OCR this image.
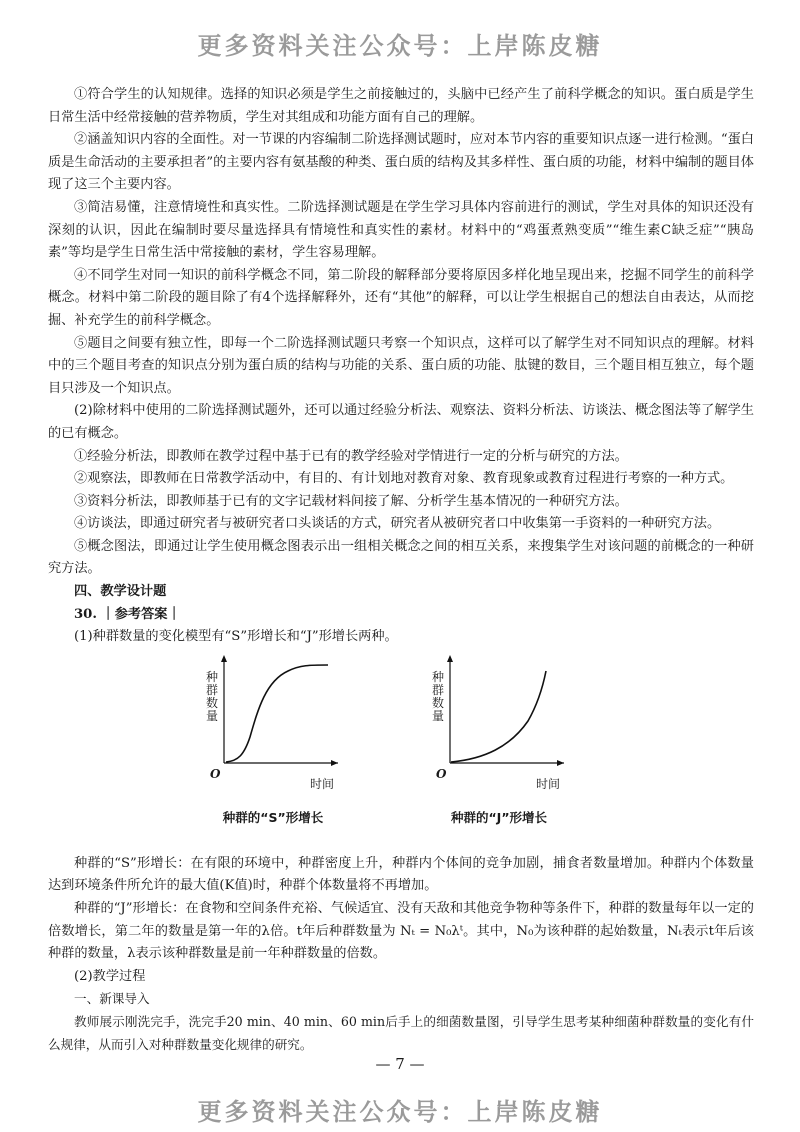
更多资料关注公众号：上岸陈皮糖

①符合学生的认知规律。选择的知识必须是学生之前接触过的，头脑中已经产生了前科学概念的知识。蛋白质是学生日常生活中经常接触的营养物质，学生对其组成和功能方面有自己的理解。

②涵盖知识内容的全面性。对一节课的内容编制二阶选择测试题时，应对本节内容的重要知识点逐一进行检测。“蛋白质是生命活动的主要承担者”的主要内容有氨基酸的种类、蛋白质的结构及其多样性、蛋白质的功能，材料中编制的题目体现了这三个主要内容。

③简洁易懂，注意情境性和真实性。二阶选择测试题是在学生学习具体内容前进行的测试，学生对具体的知识还没有深刻的认识，因此在编制时要尽量选择具有情境性和真实性的素材。材料中的“鸡蛋煮熟变质”“维生素C缺乏症”“胰岛素”等均是学生日常生活中常接触的素材，学生容易理解。

④不同学生对同一知识的前科学概念不同，第二阶段的解释部分要将原因多样化地呈现出来，挖掘不同学生的前科学概念。材料中第二阶段的题目除了有4个选择解释外，还有“其他”的解释，可以让学生根据自己的想法自由表达，从而挖掘、补充学生的前科学概念。

⑤题目之间要有独立性，即每一个二阶选择测试题只考察一个知识点，这样可以了解学生对不同知识点的理解。材料中的三个题目考查的知识点分别为蛋白质的结构与功能的关系、蛋白质的功能、肽键的数目，三个题目相互独立，每个题目只涉及一个知识点。

(2)除材料中使用的二阶选择测试题外，还可以通过经验分析法、观察法、资料分析法、访谈法、概念图法等了解学生的已有概念。

①经验分析法，即教师在教学过程中基于已有的教学经验对学情进行一定的分析与研究的方法。

②观察法，即教师在日常教学活动中，有目的、有计划地对教育对象、教育现象或教育过程进行考察的一种方式。

③资料分析法，即教师基于已有的文字记载材料间接了解、分析学生基本情况的一种研究方法。

④访谈法，即通过研究者与被研究者口头谈话的方式，研究者从被研究者口中收集第一手资料的一种研究方法。

⑤概念图法，即通过让学生使用概念图表示出一组相关概念之间的相互关系，来搜集学生对该问题的前概念的一种研究方法。

四、教学设计题

30. ｜参考答案｜

(1)种群数量的变化模型有“S”形增长和“J”形增长两种。

种群数量
O
时间
种群的“S”形增长
种群数量
O
时间
种群的“J”形增长

种群的“S”形增长：在有限的环境中，种群密度上升，种群内个体间的竞争加剧，捕食者数量增加。种群内个体数量达到环境条件所允许的最大值(K值)时，种群个体数量将不再增加。

种群的“J”形增长：在食物和空间条件充裕、气候适宜、没有天敌和其他竞争物种等条件下，种群的数量每年以一定的倍数增长，第二年的数量是第一年的λ倍。t年后种群数量为 Nₜ = N₀λᵗ。其中，N₀为该种群的起始数量，Nₜ表示t年后该种群的数量，λ表示该种群数量是前一年种群数量的倍数。

(2)教学过程

一、新课导入

教师展示刚洗完手，洗完手20 min、40 min、60 min后手上的细菌数量图，引导学生思考某种细菌种群数量的变化有什么规律，从而引入对种群数量变化规律的研究。

— 7 —
更多资料关注公众号：上岸陈皮糖
